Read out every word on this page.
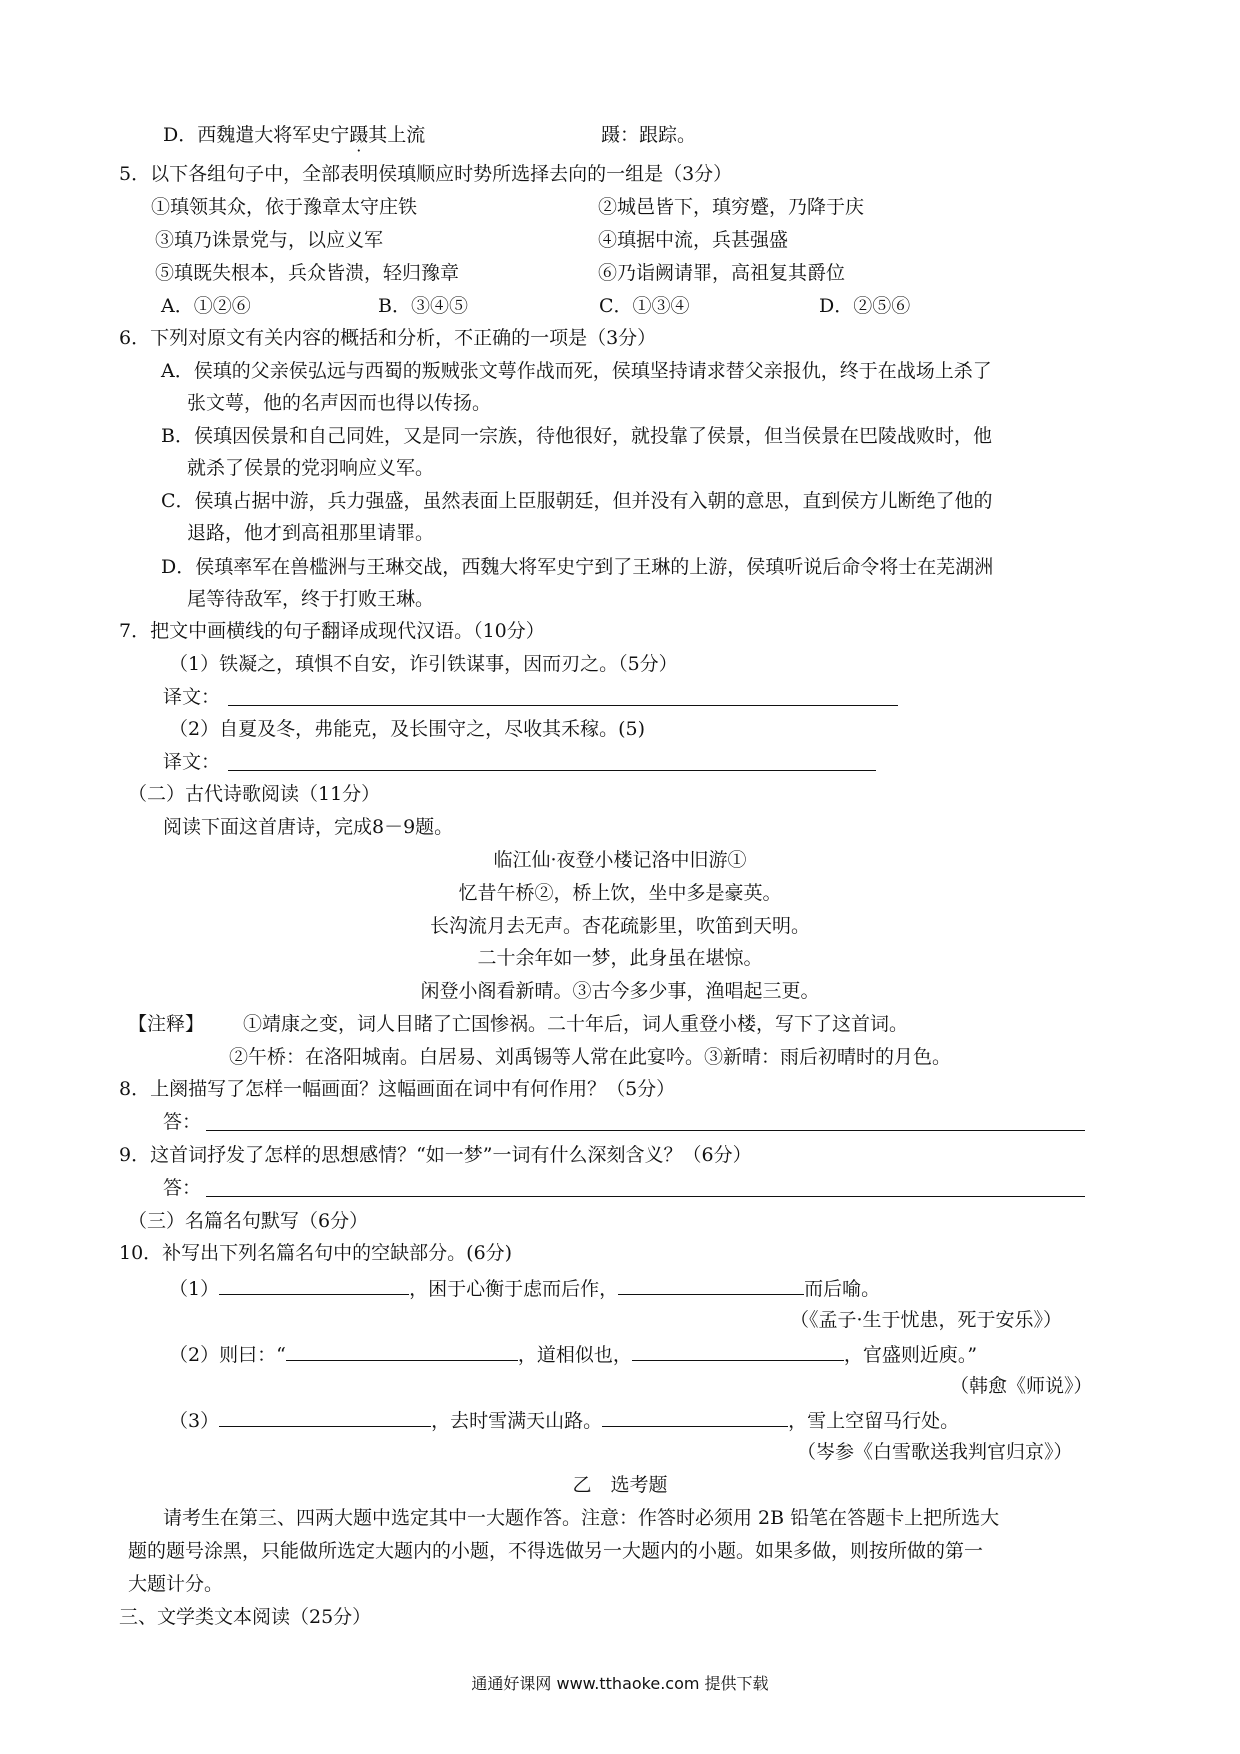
D．西魏遣大将军史宁蹑其上流	蹑：跟踪。
5．以下各组句子中，全部表明侯瑱顺应时势所选择去向的一组是（3分）
①瑱领其众，依于豫章太守庄铁	②城邑皆下，瑱穷蹙，乃降于庆
③瑱乃诛景党与，以应义军	④瑱据中流，兵甚强盛
⑤瑱既失根本，兵众皆溃，轻归豫章	⑥乃诣阙请罪，高祖复其爵位
A．①②⑥	B．③④⑤	C．①③④	D．②⑤⑥
6．下列对原文有关内容的概括和分析，不正确的一项是（3分）
A．侯瑱的父亲侯弘远与西蜀的叛贼张文萼作战而死，侯瑱坚持请求替父亲报仇，终于在战场上杀了
张文萼，他的名声因而也得以传扬。
B．侯瑱因侯景和自己同姓，又是同一宗族，待他很好，就投靠了侯景，但当侯景在巴陵战败时，他
就杀了侯景的党羽响应义军。
C．侯瑱占据中游，兵力强盛，虽然表面上臣服朝廷，但并没有入朝的意思，直到侯方儿断绝了他的
退路，他才到高祖那里请罪。
D．侯瑱率军在兽槛洲与王琳交战，西魏大将军史宁到了王琳的上游，侯瑱听说后命令将士在芜湖洲
尾等待敌军，终于打败王琳。
7．把文中画横线的句子翻译成现代汉语。（10分）
（1）铁凝之，瑱惧不自安，诈引铁谋事，因而刃之。（5分）
译文：
（2）自夏及冬，弗能克，及长围守之，尽收其禾稼。(5)
译文：
（二）古代诗歌阅读（11分）
阅读下面这首唐诗，完成8－9题。
临江仙·夜登小楼记洛中旧游①
忆昔午桥②，桥上饮，坐中多是豪英。
长沟流月去无声。杏花疏影里，吹笛到天明。
二十余年如一梦，此身虽在堪惊。
闲登小阁看新晴。③古今多少事，渔唱起三更。
【注释】 ①靖康之变，词人目睹了亡国惨祸。二十年后，词人重登小楼，写下了这首词。
②午桥：在洛阳城南。白居易、刘禹锡等人常在此宴吟。③新晴：雨后初晴时的月色。
8．上阕描写了怎样一幅画面？这幅画面在词中有何作用？（5分）
答：
9．这首词抒发了怎样的思想感情？“如一梦”一词有什么深刻含义？（6分）
答：
（三）名篇名句默写（6分）
10．补写出下列名篇名句中的空缺部分。(6分)
（1）	，困于心衡于虑而后作，	而后喻。
（《孟子·生于忧患，死于安乐》）
（2）则曰：“	，道相似也，	，官盛则近庾。”
（韩愈《师说》）
（3）	，去时雪满天山路。	，雪上空留马行处。
（岑参《白雪歌送我判官归京》）
乙　选考题
请考生在第三、四两大题中选定其中一大题作答。注意：作答时必须用 2B 铅笔在答题卡上把所选大
题的题号涂黑，只能做所选定大题内的小题，不得选做另一大题内的小题。如果多做，则按所做的第一
大题计分。
三、文学类文本阅读（25分）
通通好课网 www.tthaoke.com 提供下载
